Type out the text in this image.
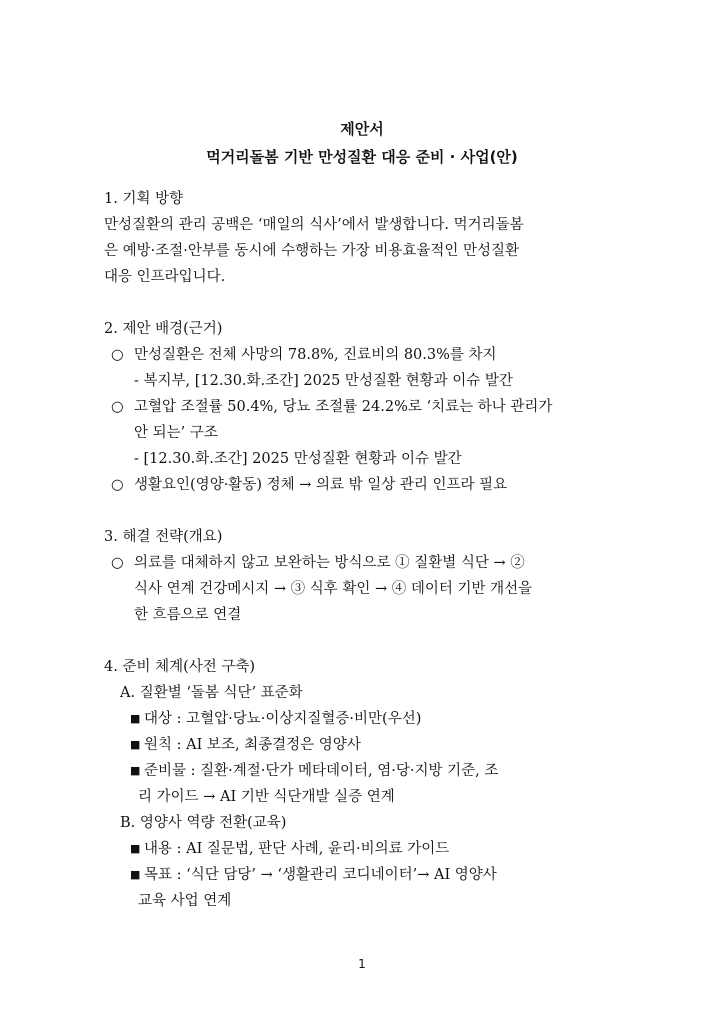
제안서

먹거리돌봄 기반 만성질환 대응 준비 · 사업(안)

1. 기획 방향

만성질환의 관리 공백은 ‘매일의 식사’에서 발생합니다. 먹거리돌봄
은 예방·조절·안부를 동시에 수행하는 가장 비용효율적인 만성질환
대응 인프라입니다.

2. 제안 배경(근거)

○ 만성질환은 전체 사망의 78.8%, 진료비의 80.3%를 차지
- 복지부, [12.30.화.조간] 2025 만성질환 현황과 이슈 발간
○ 고혈압 조절률 50.4%, 당뇨 조절률 24.2%로 ‘치료는 하나 관리가
안 되는’ 구조
- [12.30.화.조간] 2025 만성질환 현황과 이슈 발간
○ 생활요인(영양·활동) 정체 → 의료 밖 일상 관리 인프라 필요

3. 해결 전략(개요)

○ 의료를 대체하지 않고 보완하는 방식으로 ① 질환별 식단 → ②
식사 연계 건강메시지 → ③ 식후 확인 → ④ 데이터 기반 개선을
한 흐름으로 연결

4. 준비 체계(사전 구축)

A. 질환별 ‘돌봄 식단’ 표준화
■ 대상 : 고혈압·당뇨·이상지질혈증·비만(우선)
■ 원칙 : AI 보조, 최종결정은 영양사
■ 준비물 : 질환·계절·단가 메타데이터, 염·당·지방 기준, 조
리 가이드 → AI 기반 식단개발 실증 연계
B. 영양사 역량 전환(교육)
■ 내용 : AI 질문법, 판단 사례, 윤리·비의료 가이드
■ 목표 : ‘식단 담당’ → ‘생활관리 코디네이터’→ AI 영양사
교육 사업 연계
1
